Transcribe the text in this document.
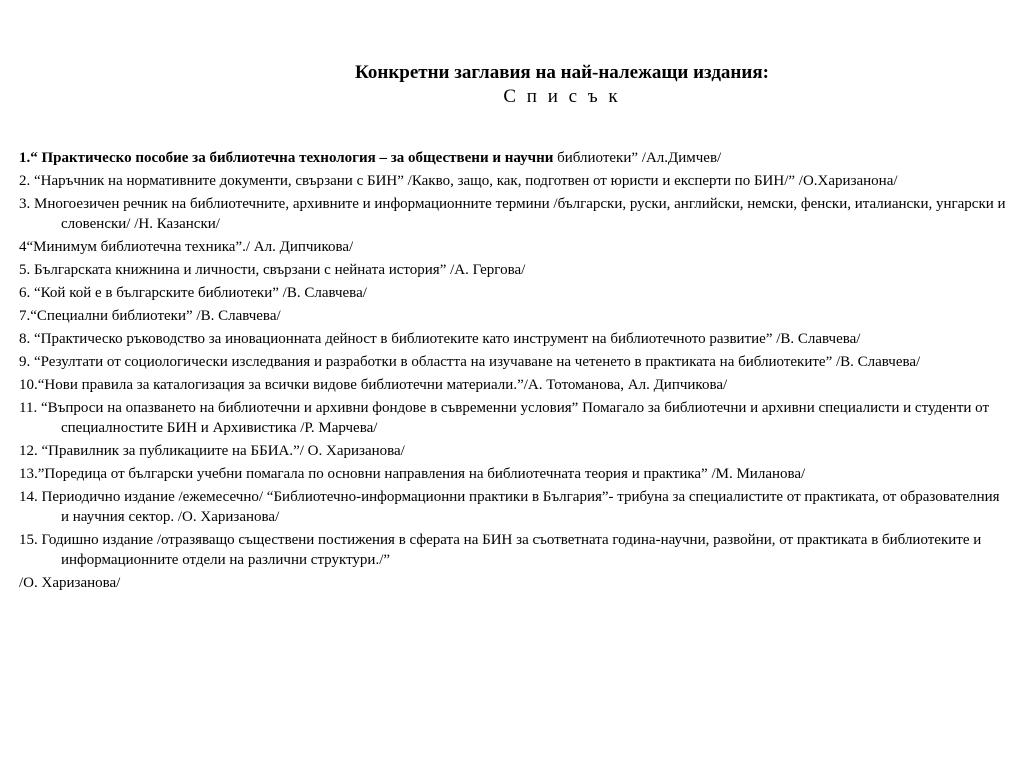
Конкретни заглавия на най-належащи издания:

С п и с ъ к

1.“ Практическо пособие за библиотечна технология – за обществени и научни библиотеки” /Ал.Димчев/
2. “Наръчник на нормативните документи, свързани с БИН” /Какво, защо, как, подготвен от юристи и експерти по БИН/” /О.Харизанона/
3. Многоезичен речник на библиотечните, архивните и информационните термини /български, руски, английски, немски, фенски, италиански, унгарски и словенски/ /Н. Казански/
4“Минимум библиотечна техника”./ Ал. Дипчикова/
5. Българската книжнина и личности, свързани с нейната история” /А. Гергова/
6. “Кой кой е в българските библиотеки” /В. Славчева/
7.“Специални библиотеки” /В. Славчева/
8. “Практическо ръководство за иновационната дейност в библиотеките като инструмент на библиотечното развитие” /В. Славчева/
9. “Резултати от социологически изследвания и разработки в областта на изучаване на четенето в практиката на библиотеките” /В. Славчева/
10.“Нови правила за каталогизация за всички видове библиотечни материали.”/А. Тотоманова, Ал. Дипчикова/
11. “Въпроси на опазването на библиотечни и архивни фондове в съвременни условия” Помагало за библиотечни и архивни специалисти и студенти от специалностите БИН и Архивистика /Р. Марчева/
12. “Правилник за публикациите на ББИА.”/ О. Харизанова/
13.”Поредица от български учебни помагала по основни направления на библиотечната теория и практика” /М. Миланова/
14. Периодично издание /ежемесечно/ “Библиотечно-информационни практики в България”- трибуна за специалистите от практиката, от образователния и научния сектор. /О. Харизанова/
15. Годишно издание /отразяващо съществени постижения в сферата на БИН за съответната година-научни, развойни, от практиката в библиотеките и информационните отдели на различни структури./”
/О. Харизанова/
